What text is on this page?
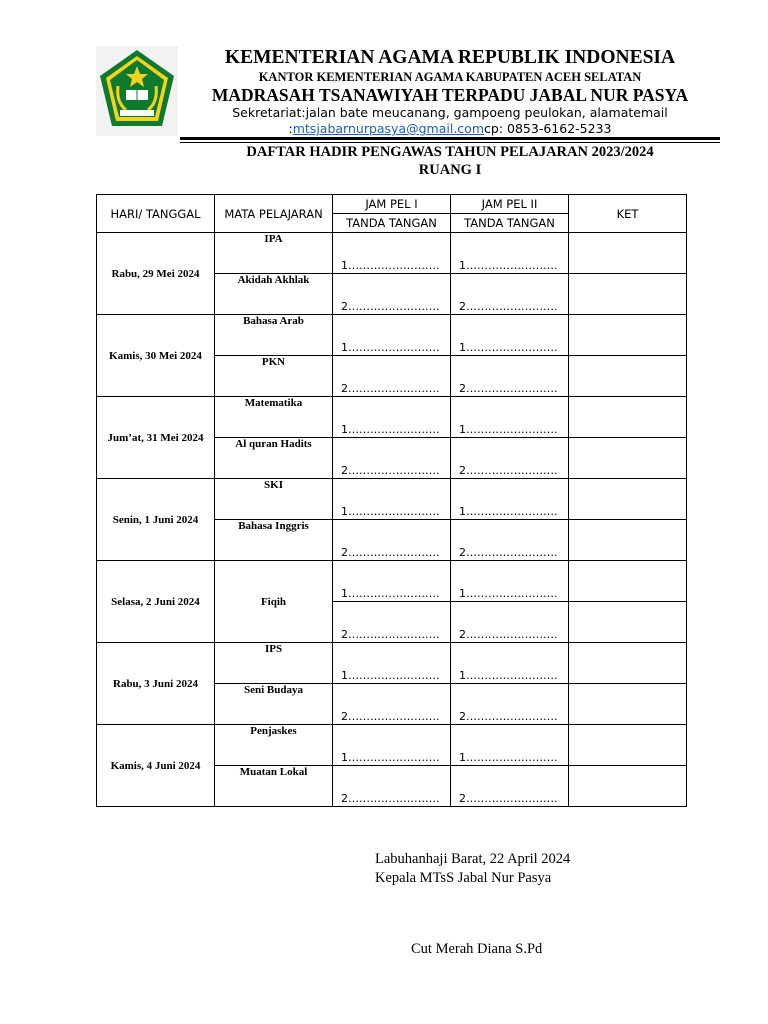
KEMENTERIAN AGAMA REPUBLIK INDONESIA
KANTOR KEMENTERIAN AGAMA KABUPATEN ACEH SELATAN
MADRASAH TSANAWIYAH TERPADU JABAL NUR PASYA
Sekretariat:jalan bate meucanang, gampoeng peulokan, alamatemail
:mtsjabarnurpasya@gmail.comcp: 0853-6162-5233
DAFTAR HADIR PENGAWAS TAHUN PELAJARAN 2023/2024
RUANG I
HARI/ TANGGAL	MATA PELAJARAN	JAM PEL I	JAM PEL II	KET
		TANDA TANGAN	TANDA TANGAN	
Rabu, 29 Mei 2024	IPA	1…………………….	1…………………….	
	Akidah Akhlak	2…………………….	2…………………….	
Kamis, 30 Mei 2024	Bahasa Arab	1…………………….	1…………………….	
	PKN	2…………………….	2…………………….	
Jum’at, 31 Mei 2024	Matematika	1…………………….	1…………………….	
	Al quran Hadits	2…………………….	2…………………….	
Senin, 1 Juni 2024	SKI	1…………………….	1…………………….	
	Bahasa Inggris	2…………………….	2…………………….	
Selasa, 2 Juni 2024	Fiqih	1…………………….	1…………………….	
		2…………………….	2…………………….	
Rabu, 3 Juni 2024	IPS	1…………………….	1…………………….	
	Seni Budaya	2…………………….	2…………………….	
Kamis, 4 Juni 2024	Penjaskes	1…………………….	1…………………….	
	Muatan Lokal	2…………………….	2…………………….	
Labuhanhaji Barat, 22 April 2024
Kepala MTsS Jabal Nur Pasya
Cut Merah Diana S.Pd
